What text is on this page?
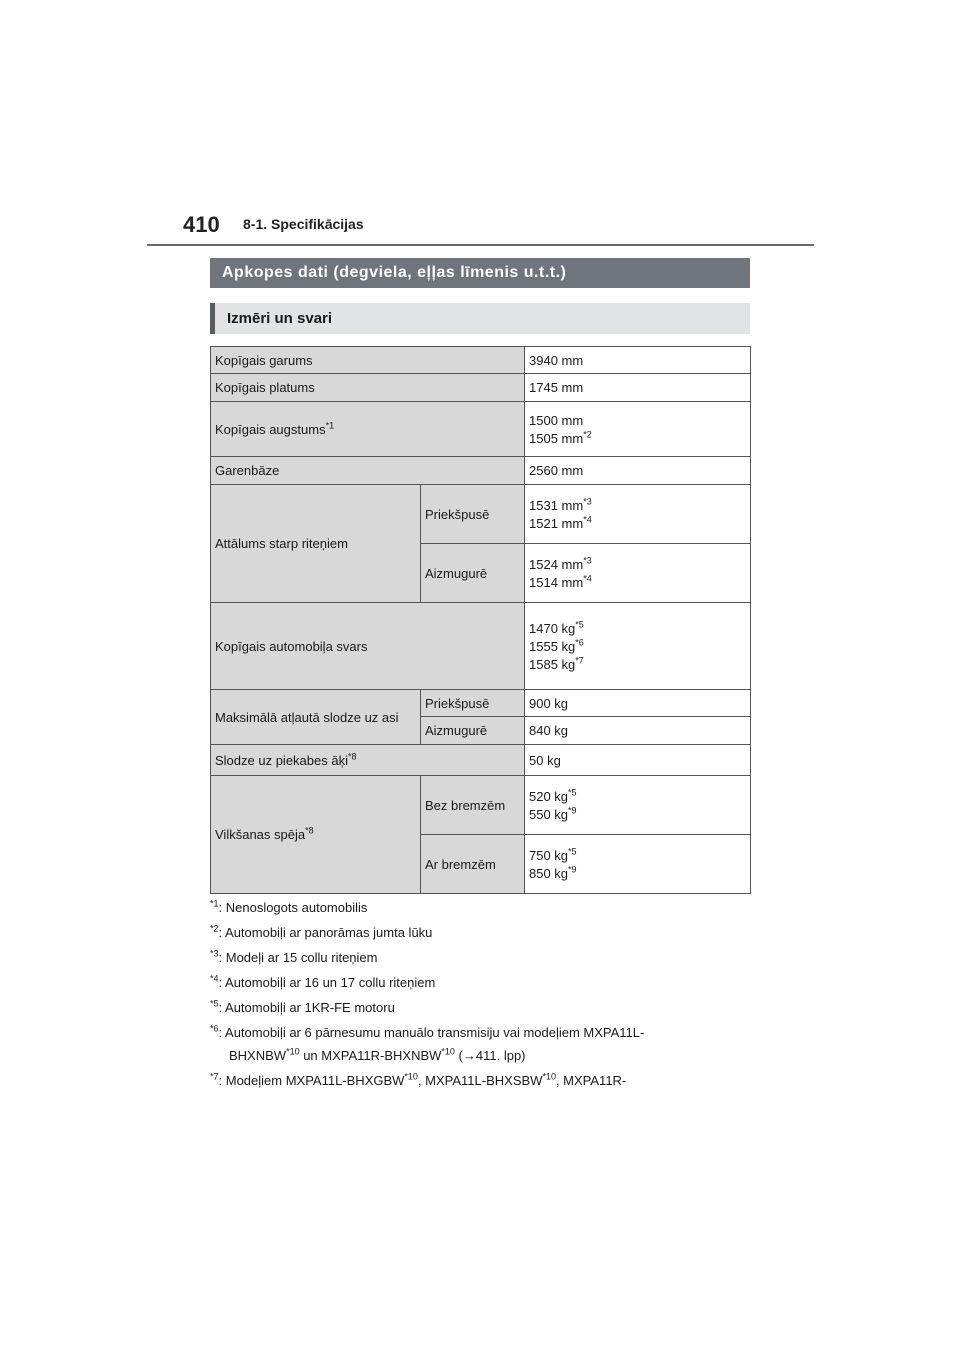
410 8-1. Specifikācijas
Apkopes dati (degviela, eļļas līmenis u.t.t.)
Izmēri un svari
Kopīgais garums		3940 mm
Kopīgais platums		1745 mm
Kopīgais augstums$^{*1}$		1500 mm
1505 $mm^{*2}$

Garenbāze		2560 mm
Attālums starp riteņiem	Priekšpusē	1531 $mm^{*3}$
1521 $mm^{*4}$

	Aizmugurē	1524 $mm^{*3}$
1514 $mm^{*4}$

Kopīgais automobiļa svars		1470 $kg^{*5}$
1555 $kg^{*6}$
1585 $kg^{*7}$

Maksimālā atļautā slodze uz asi	Priekšpusē	900 kg
	Aizmugurē	840 kg
Slodze uz piekabes āķi$^{*8}$		50 kg
Vilkšanas spēja$^{*8}$	Bez bremzēm	520 $kg^{*5}$
550 $kg^{*9}$

	Ar bremzēm	750 $kg^{*5}$
850 $kg^{*9}$

$^{*1}$: Nenoslogots automobilis

$^{*2}$: Automobiļi ar panorāmas jumta lūku

$^{*3}$: Modeļi ar 15 collu riteņiem

$^{*4}$: Automobiļi ar 16 un 17 collu riteņiem

$^{*5}$: Automobiļi ar 1KR-FE motoru

$^{*6}$: Automobiļi ar 6 pārnesumu manuālo transmisiju vai modeļiem MXPA11L-
BHXNBW$^{*10}$ un MXPA11R-BHXNBW$^{*10}$ (→411. lpp)

$^{*7}$: Modeļiem MXPA11L-BHXGBW$^{*10}$, MXPA11L-BHXSBW$^{*10}$, MXPA11R-
